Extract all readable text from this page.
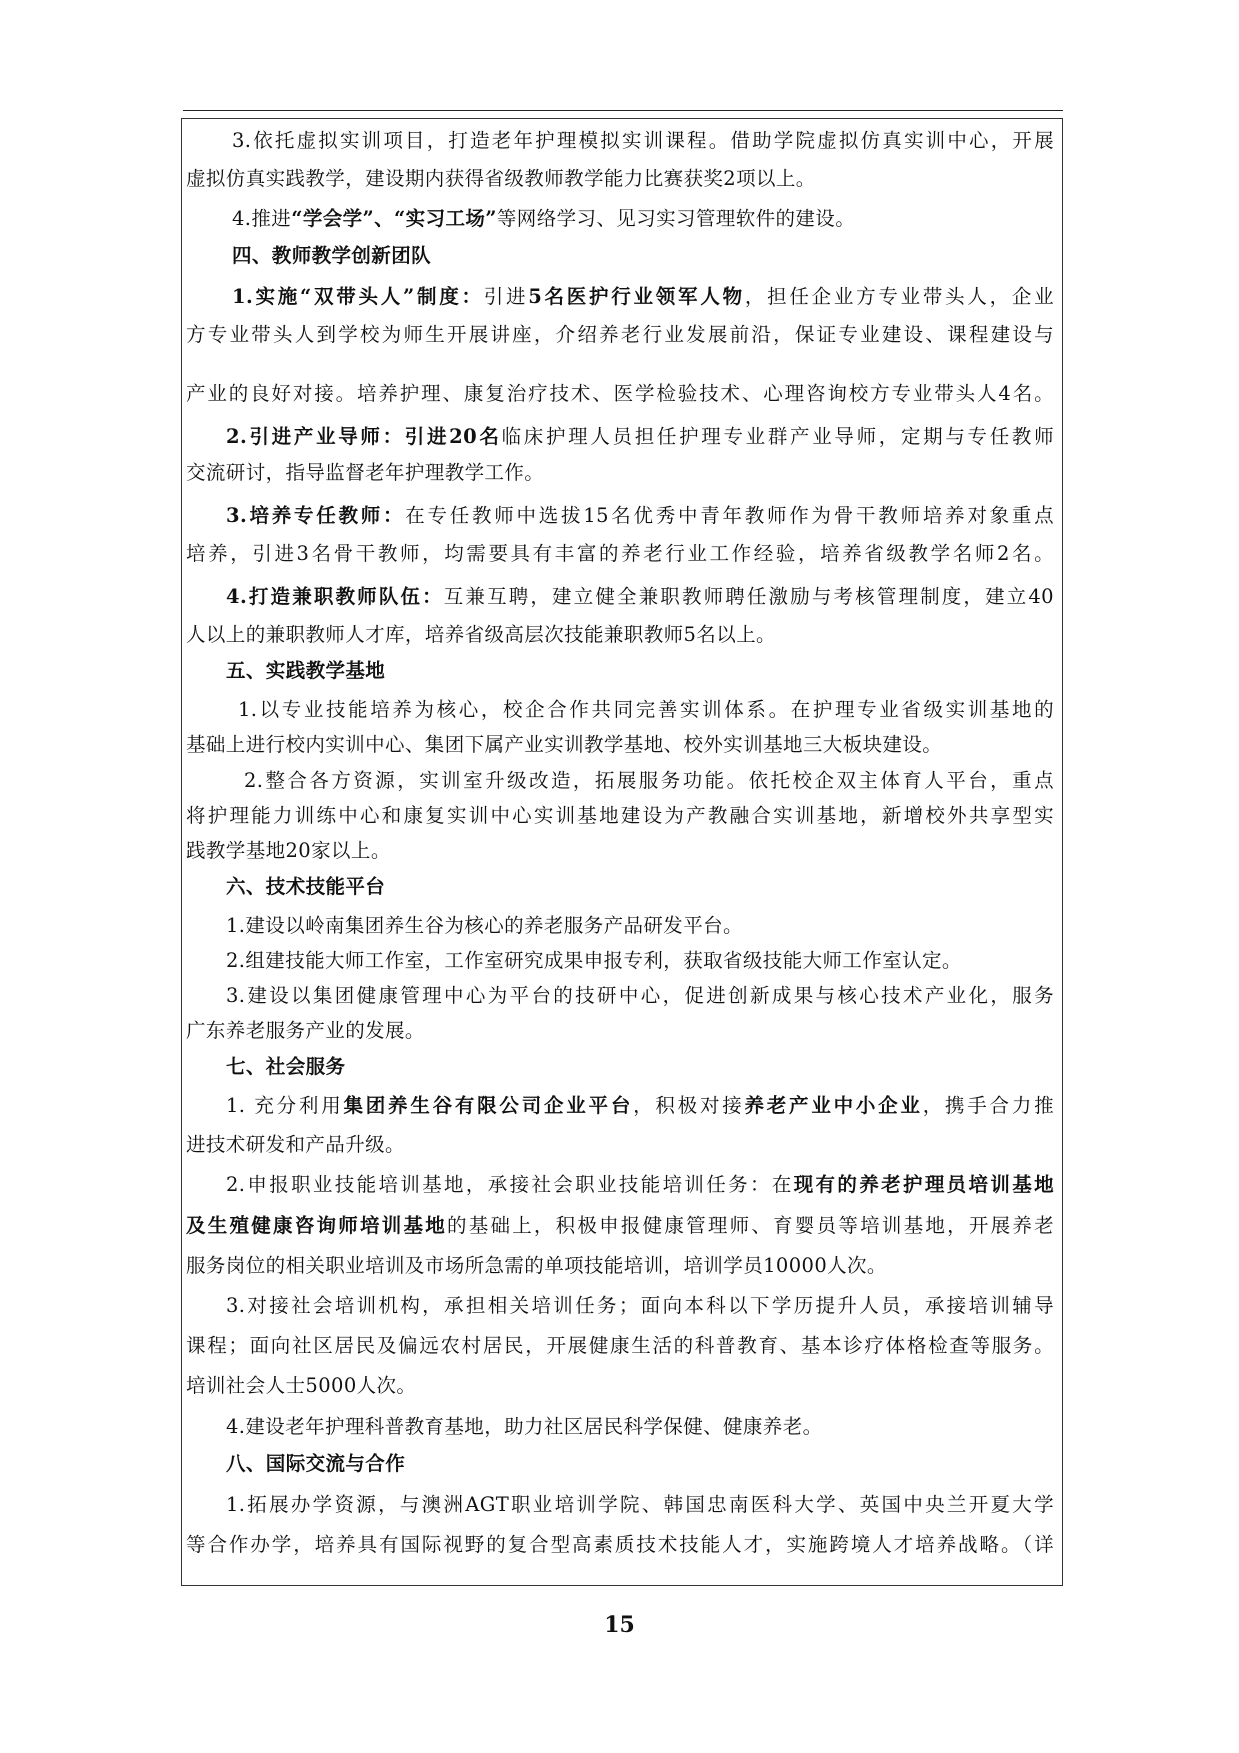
3.依托虚拟实训项目，打造老年护理模拟实训课程。借助学院虚拟仿真实训中心，开展
虚拟仿真实践教学，建设期内获得省级教师教学能力比赛获奖2项以上。
4.推进“学会学”、“实习工场”等网络学习、见习实习管理软件的建设。
四、教师教学创新团队
1.实施“双带头人”制度：引进5名医护行业领军人物，担任企业方专业带头人，企业
方专业带头人到学校为师生开展讲座，介绍养老行业发展前沿，保证专业建设、课程建设与
产业的良好对接。培养护理、康复治疗技术、医学检验技术、心理咨询校方专业带头人4名。
2.引进产业导师：引进20名临床护理人员担任护理专业群产业导师，定期与专任教师
交流研讨，指导监督老年护理教学工作。
3.培养专任教师：在专任教师中选拔15名优秀中青年教师作为骨干教师培养对象重点
培养，引进3名骨干教师，均需要具有丰富的养老行业工作经验，培养省级教学名师2名。
4.打造兼职教师队伍：互兼互聘，建立健全兼职教师聘任激励与考核管理制度，建立40
人以上的兼职教师人才库，培养省级高层次技能兼职教师5名以上。
五、实践教学基地
1.以专业技能培养为核心，校企合作共同完善实训体系。在护理专业省级实训基地的
基础上进行校内实训中心、集团下属产业实训教学基地、校外实训基地三大板块建设。
2.整合各方资源，实训室升级改造，拓展服务功能。依托校企双主体育人平台，重点
将护理能力训练中心和康复实训中心实训基地建设为产教融合实训基地，新增校外共享型实
践教学基地20家以上。
六、技术技能平台
1.建设以岭南集团养生谷为核心的养老服务产品研发平台。
2.组建技能大师工作室，工作室研究成果申报专利，获取省级技能大师工作室认定。
3.建设以集团健康管理中心为平台的技研中心，促进创新成果与核心技术产业化，服务
广东养老服务产业的发展。
七、社会服务
1. 充分利用集团养生谷有限公司企业平台，积极对接养老产业中小企业，携手合力推
进技术研发和产品升级。
2.申报职业技能培训基地，承接社会职业技能培训任务：在现有的养老护理员培训基地
及生殖健康咨询师培训基地的基础上，积极申报健康管理师、育婴员等培训基地，开展养老
服务岗位的相关职业培训及市场所急需的单项技能培训，培训学员10000人次。
3.对接社会培训机构，承担相关培训任务；面向本科以下学历提升人员，承接培训辅导
课程；面向社区居民及偏远农村居民，开展健康生活的科普教育、基本诊疗体格检查等服务。
培训社会人士5000人次。
4.建设老年护理科普教育基地，助力社区居民科学保健、健康养老。
八、国际交流与合作
1.拓展办学资源，与澳洲AGT职业培训学院、韩国忠南医科大学、英国中央兰开夏大学
等合作办学，培养具有国际视野的复合型高素质技术技能人才，实施跨境人才培养战略。（详
15
